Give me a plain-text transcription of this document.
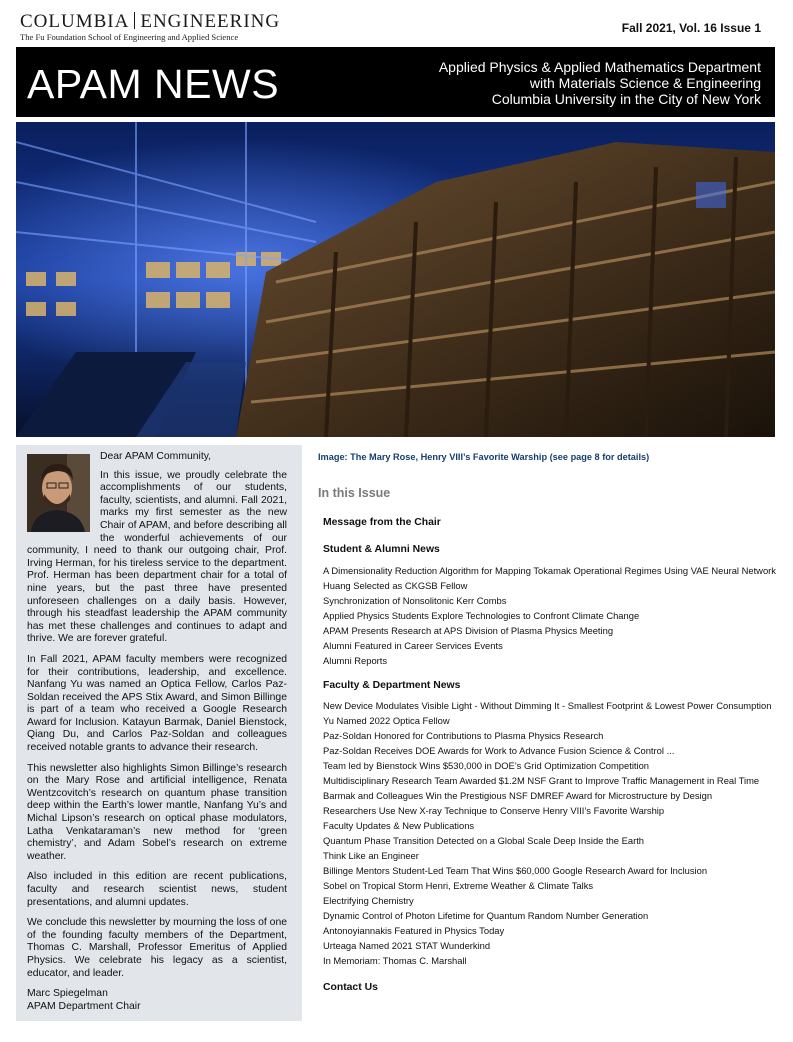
COLUMBIA ENGINEERING
The Fu Foundation School of Engineering and Applied Science
Fall 2021, Vol. 16 Issue 1
APAM NEWS	Applied Physics & Applied Mathematics Department
with Materials Science & Engineering
Columbia University in the City of New York

Dear APAM Community,

In this issue, we proudly celebrate the accomplishments of our students, faculty, scientists, and alumni. Fall 2021, marks my first semester as the new Chair of APAM, and before describing all the wonderful achievements of our community, I need to thank our outgoing chair, Prof. Irving Herman, for his tireless service to the department. Prof. Herman has been department chair for a total of nine years, but the past three have presented unforeseen challenges on a daily basis. However, through his steadfast leadership the APAM community has met these challenges and continues to adapt and thrive. We are forever grateful.

In Fall 2021, APAM faculty members were recognized for their contributions, leadership, and excellence. Nanfang Yu was named an Optica Fellow, Carlos Paz-Soldan received the APS Stix Award, and Simon Billinge is part of a team who received a Google Research Award for Inclusion. Katayun Barmak, Daniel Bienstock, Qiang Du, and Carlos Paz-Soldan and colleagues received notable grants to advance their research.

This newsletter also highlights Simon Billinge’s research on the Mary Rose and artificial intelligence, Renata Wentzcovitch’s research on quantum phase transition deep within the Earth’s lower mantle, Nanfang Yu’s and Michal Lipson’s research on optical phase modulators, Latha Venkataraman’s new method for ‘green chemistry’, and Adam Sobel’s research on extreme weather.

Also included in this edition are recent publications, faculty and research scientist news, student presentations, and alumni updates.

We conclude this newsletter by mourning the loss of one of the founding faculty members of the Department, Thomas C. Marshall, Professor Emeritus of Applied Physics. We celebrate his legacy as a scientist, educator, and leader.

Marc Spiegelman

APAM Department Chair

Image: The Mary Rose, Henry VIII’s Favorite Warship (see page 8 for details)
In this Issue
Message from the Chair
Student & Alumni News
A Dimensionality Reduction Algorithm for Mapping Tokamak Operational Regimes Using VAE Neural Network
Huang Selected as CKGSB Fellow
Synchronization of Nonsolitonic Kerr Combs
Applied Physics Students Explore Technologies to Confront Climate Change
APAM Presents Research at APS Division of Plasma Physics Meeting
Alumni Featured in Career Services Events
Alumni Reports
Faculty & Department News
New Device Modulates Visible Light - Without Dimming It - Smallest Footprint & Lowest Power Consumption
Yu Named 2022 Optica Fellow
Paz-Soldan Honored for Contributions to Plasma Physics Research
Paz-Soldan Receives DOE Awards for Work to Advance Fusion Science & Control ...
Team led by Bienstock Wins $530,000 in DOE’s Grid Optimization Competition
Multidisciplinary Research Team Awarded $1.2M NSF Grant to Improve Traffic Management in Real Time
Barmak and Colleagues Win the Prestigious NSF DMREF Award for Microstructure by Design
Researchers Use New X-ray Technique to Conserve Henry VIII’s Favorite Warship
Faculty Updates & New Publications
Quantum Phase Transition Detected on a Global Scale Deep Inside the Earth
Think Like an Engineer
Billinge Mentors Student-Led Team That Wins $60,000 Google Research Award for Inclusion
Sobel on Tropical Storm Henri, Extreme Weather & Climate Talks
Electrifying Chemistry
Dynamic Control of Photon Lifetime for Quantum Random Number Generation
Antonoyiannakis Featured in Physics Today
Urteaga Named 2021 STAT Wunderkind
In Memoriam: Thomas C. Marshall
Contact Us
